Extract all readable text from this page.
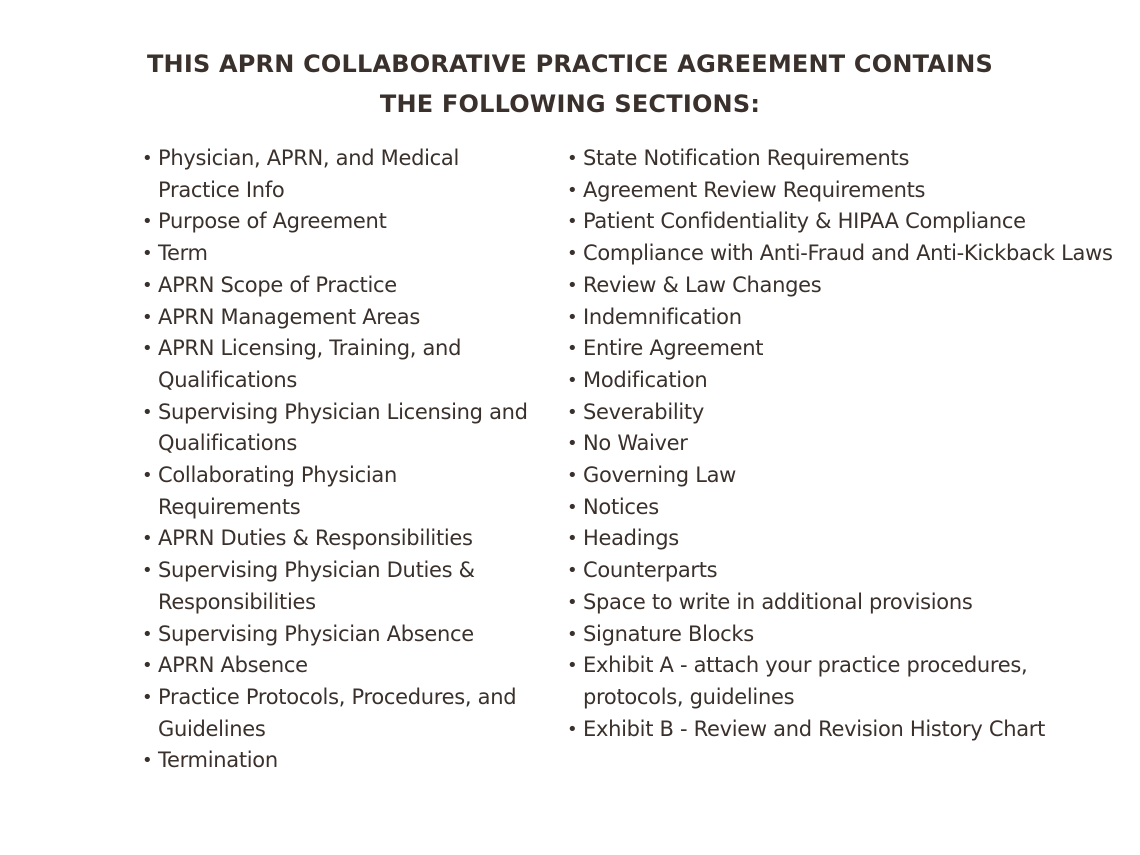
THIS APRN COLLABORATIVE PRACTICE AGREEMENT CONTAINS
THE FOLLOWING SECTIONS:
• Physician, APRN, and Medical Practice Info
• Purpose of Agreement
• Term
• APRN Scope of Practice
• APRN Management Areas
• APRN Licensing, Training, and Qualifications
• Supervising Physician Licensing and Qualifications
• Collaborating Physician Requirements
• APRN Duties & Responsibilities
• Supervising Physician Duties & Responsibilities
• Supervising Physician Absence
• APRN Absence
• Practice Protocols, Procedures, and Guidelines
• Termination
• State Notification Requirements
• Agreement Review Requirements
• Patient Confidentiality & HIPAA Compliance
• Compliance with Anti-Fraud and Anti-Kickback Laws
• Review & Law Changes
• Indemnification
• Entire Agreement
• Modification
• Severability
• No Waiver
• Governing Law
• Notices
• Headings
• Counterparts
• Space to write in additional provisions
• Signature Blocks
• Exhibit A - attach your practice procedures, protocols, guidelines
• Exhibit B - Review and Revision History Chart
